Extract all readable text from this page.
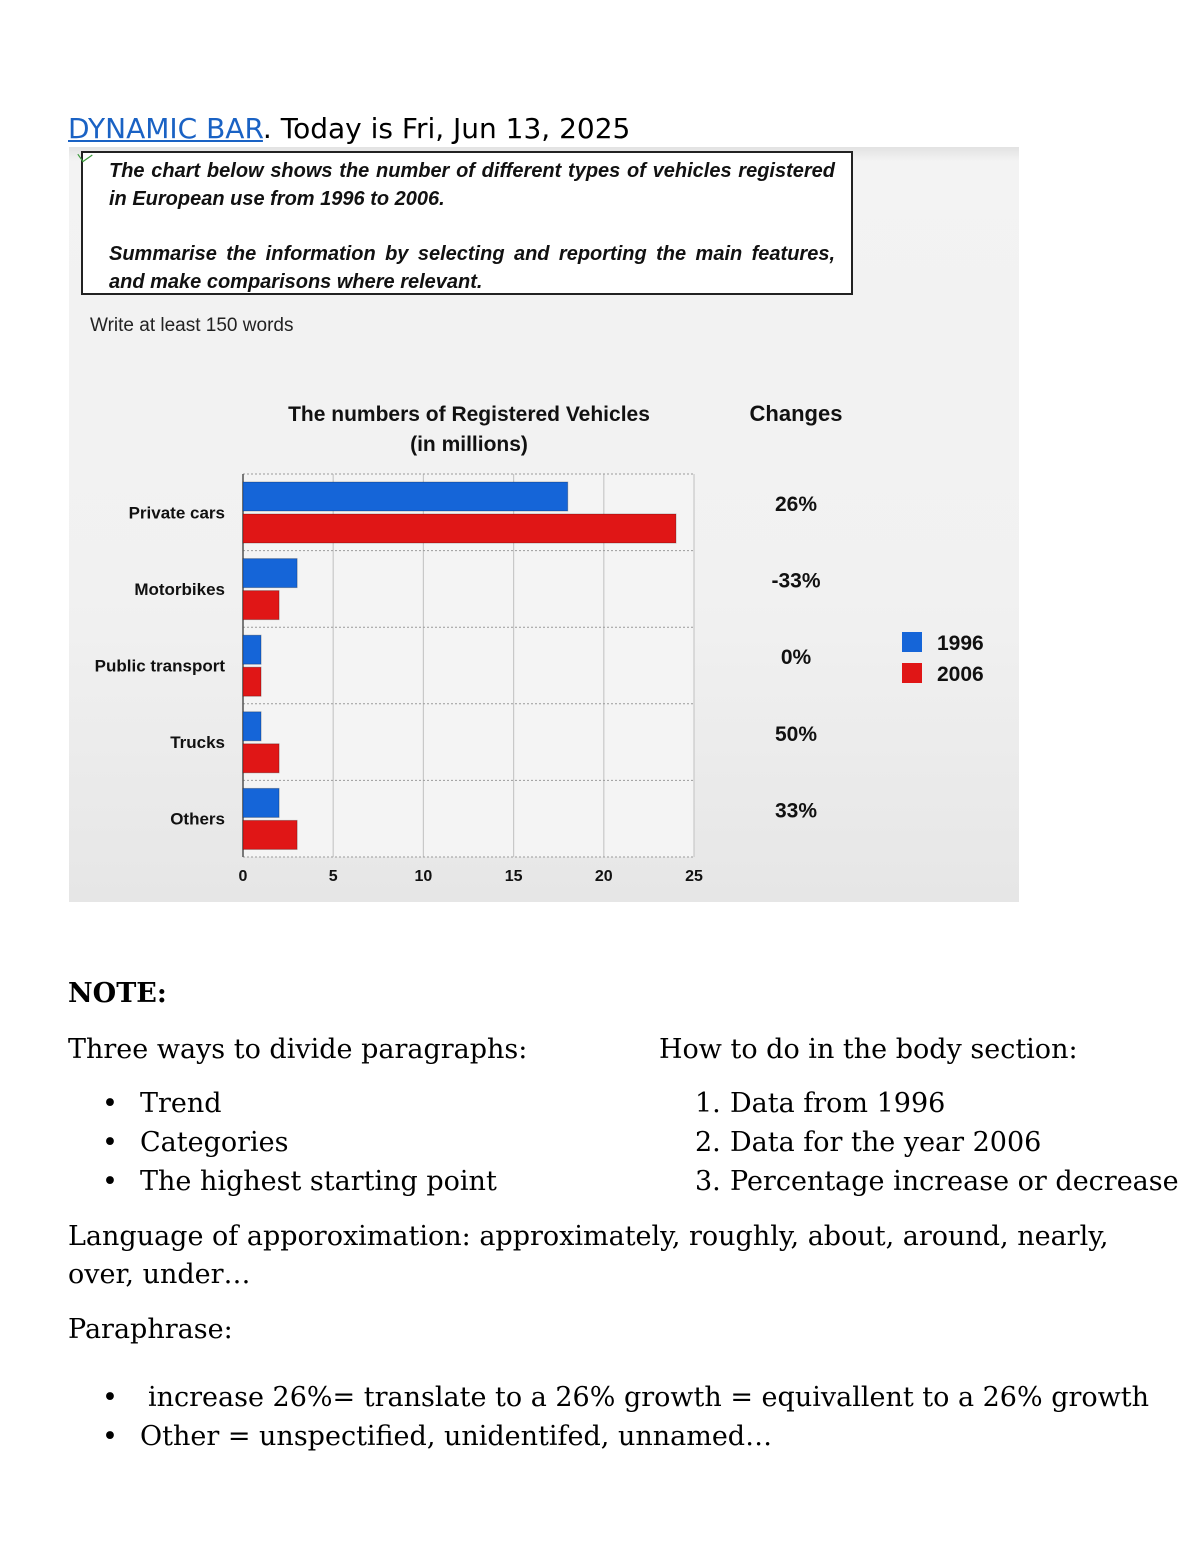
DYNAMIC BAR. Today is Fri, Jun 13, 2025

The chart below shows the number of different types of vehicles registered in European use from 1996 to 2006.

Summarise the information by selecting and reporting the main features, and make comparisons where relevant.

Write at least 150 words
The numbers of Registered Vehicles
(in millions)
Changes
0	5	10	15	20	25
Private cars	26%
Motorbikes	-33%
Public transport	0%
Trucks	50%
Others	33%
1996
2006
NOTE:

Three ways to divide paragraphs:

• Trend
• Categories
• The highest starting point

How to do in the body section:

1. Data from 1996
2. Data for the year 2006
3. Percentage increase or decrease
Language of apporoximation: approximately, roughly, about, around, nearly, over, under…
Paraphrase:
• increase 26%= translate to a 26% growth = equivallent to a 26% growth
• Other = unspectified, unidentifed, unnamed…
